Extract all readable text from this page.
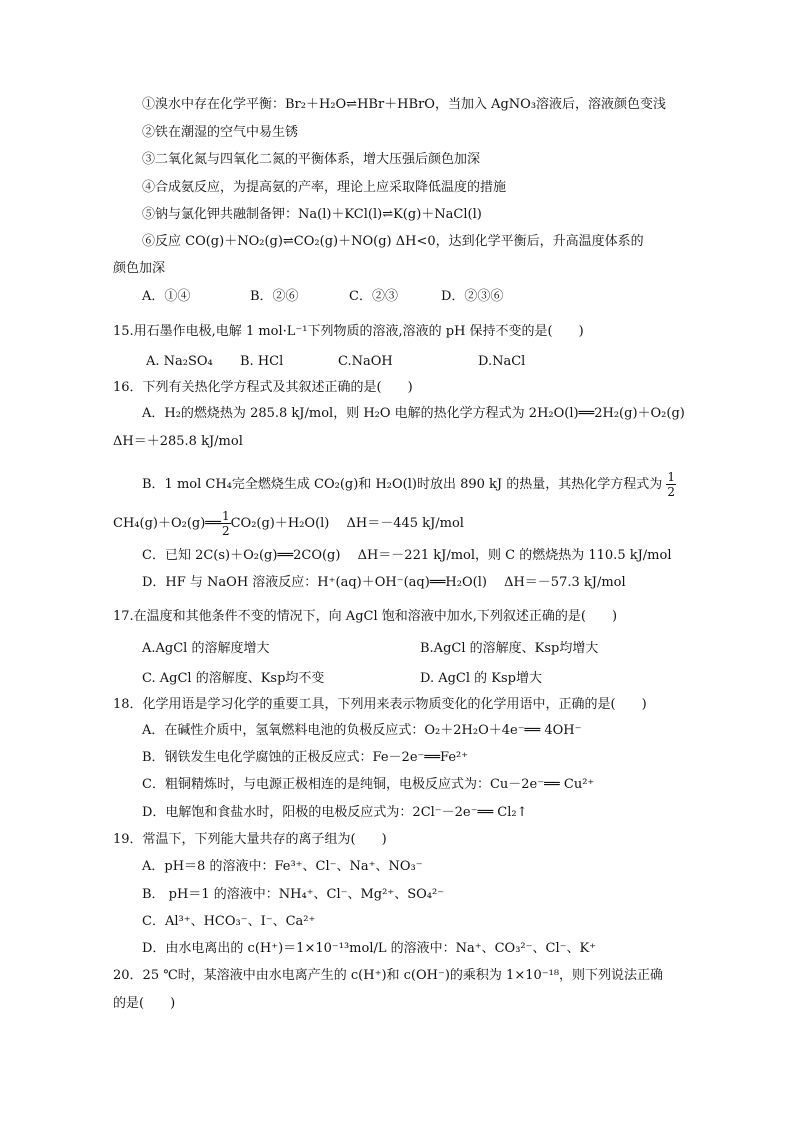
①溴水中存在化学平衡：Br₂＋H₂O⇌HBr＋HBrO，当加入 AgNO₃溶液后，溶液颜色变浅
②铁在潮湿的空气中易生锈
③二氧化氮与四氧化二氮的平衡体系，增大压强后颜色加深
④合成氨反应，为提高氨的产率，理论上应采取降低温度的措施
⑤钠与氯化钾共融制备钾：Na(l)＋KCl(l)⇌K(g)＋NaCl(l)
⑥反应 CO(g)＋NO₂(g)⇌CO₂(g)＋NO(g) ΔH<0，达到化学平衡后，升高温度体系的
颜色加深
A．①④	B．②⑥	C．②③	D．②③⑥
15.用石墨作电极,电解 1 mol·L⁻¹下列物质的溶液,溶液的 pH 保持不变的是(　　)
A. Na₂SO₄ B. HCl	C.NaOH	D.NaCl
16．下列有关热化学方程式及其叙述正确的是(　　)
A．H₂的燃烧热为 285.8 kJ/mol，则 H₂O 电解的热化学方程式为 2H₂O(l)══2H₂(g)＋O₂(g)
ΔH＝＋285.8 kJ/mol
B．1 mol CH₄完全燃烧生成 CO₂(g)和 H₂O(l)时放出 890 kJ 的热量，其热化学方程式为 $\frac{1}{2}$
CH₄(g)＋O₂(g)══ $\frac{1}{2} CO_2(g)+H_2O(l)$　 ΔH＝－445 kJ/mol
C．已知 2C(s)＋O₂(g)══2CO(g)　 ΔH＝－221 kJ/mol，则 C 的燃烧热为 110.5 kJ/mol
D．HF 与 NaOH 溶液反应：H⁺(aq)＋OH⁻(aq)══H₂O(l)　 ΔH＝－57.3 kJ/mol
17.在温度和其他条件不变的情况下，向 AgCl 饱和溶液中加水,下列叙述正确的是(　　)
A.AgCl 的溶解度增大	B.AgCl 的溶解度、Ksp均增大
C. AgCl 的溶解度、Ksp均不变	D. AgCl 的 Ksp增大
18．化学用语是学习化学的重要工具，下列用来表示物质变化的化学用语中，正确的是(　　)
A．在碱性介质中，氢氧燃料电池的负极反应式：O₂＋2H₂O＋4e⁻══ 4OH⁻
B．钢铁发生电化学腐蚀的正极反应式：Fe－2e⁻══Fe²⁺
C．粗铜精炼时，与电源正极相连的是纯铜，电极反应式为：Cu－2e⁻══ Cu²⁺
D．电解饱和食盐水时，阳极的电极反应式为：2Cl⁻－2e⁻══ Cl₂↑
19．常温下，下列能大量共存的离子组为(　　)
A．pH＝8 的溶液中：Fe³⁺、Cl⁻、Na⁺、NO₃⁻
B． pH＝1 的溶液中：NH₄⁺、Cl⁻、Mg²⁺、SO₄²⁻
C．Al³⁺、HCO₃⁻、I⁻、Ca²⁺
D．由水电离出的 c(H⁺)＝1×10⁻¹³mol/L 的溶液中：Na⁺、CO₃²⁻、Cl⁻、K⁺
20．25 ℃时，某溶液中由水电离产生的 c(H⁺)和 c(OH⁻)的乘积为 1×10⁻¹⁸，则下列说法正确
的是(　　)
